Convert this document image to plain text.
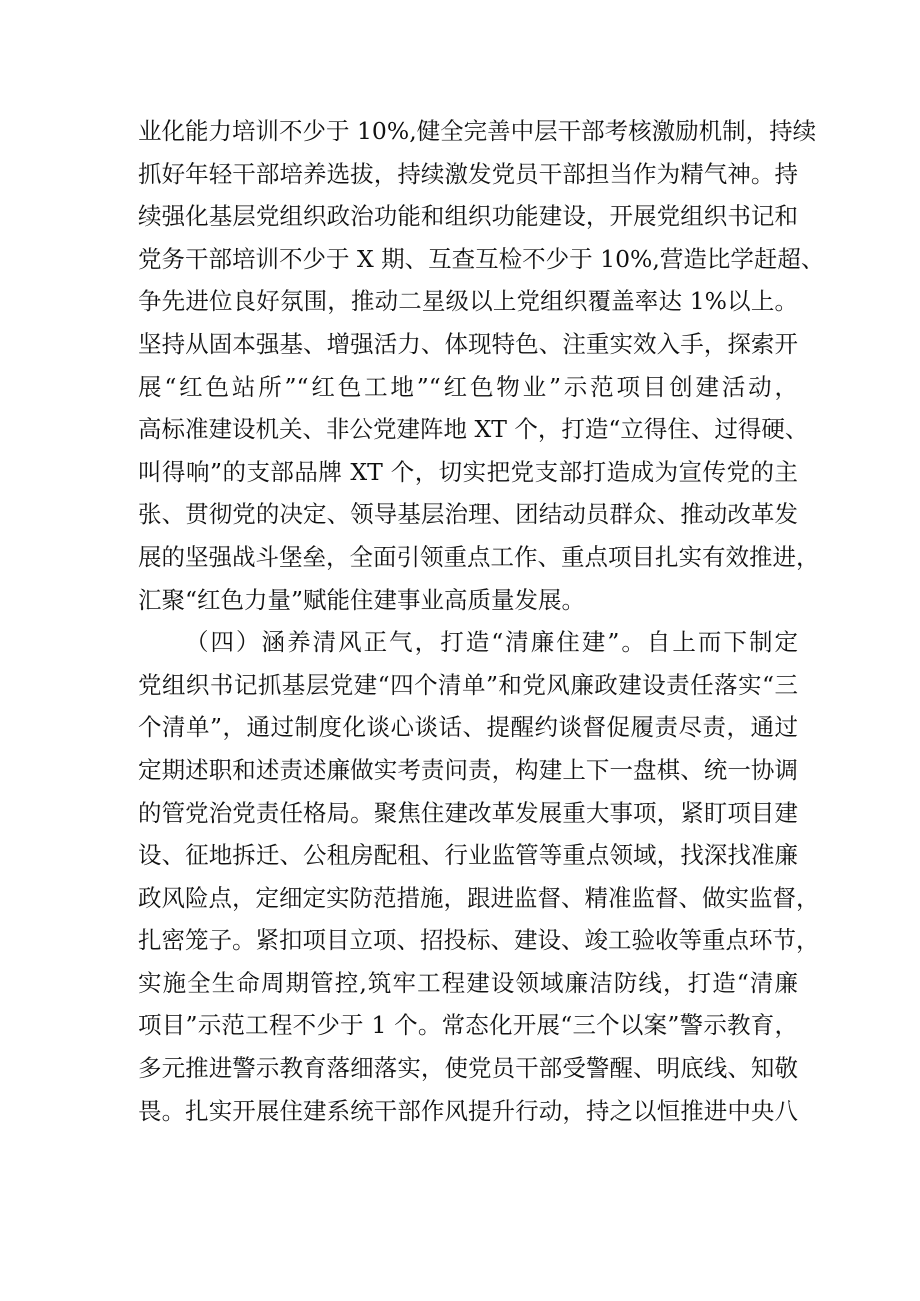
业化能力培训不少于 10%,健全完善中层干部考核激励机制，持续
抓好年轻干部培养选拔，持续激发党员干部担当作为精气神。持
续强化基层党组织政治功能和组织功能建设，开展党组织书记和
党务干部培训不少于 X 期、互查互检不少于 10%,营造比学赶超、
争先进位良好氛围，推动二星级以上党组织覆盖率达 1%以上。
坚持从固本强基、增强活力、体现特色、注重实效入手，探索开
展“红色站所”“红色工地”“红色物业”示范项目创建活动，
高标准建设机关、非公党建阵地 XT 个，打造“立得住、过得硬、
叫得响”的支部品牌 XT 个，切实把党支部打造成为宣传党的主
张、贯彻党的决定、领导基层治理、团结动员群众、推动改革发
展的坚强战斗堡垒，全面引领重点工作、重点项目扎实有效推进，
汇聚“红色力量”赋能住建事业高质量发展。
（四）涵养清风正气，打造“清廉住建”。自上而下制定
党组织书记抓基层党建“四个清单”和党风廉政建设责任落实“三
个清单”，通过制度化谈心谈话、提醒约谈督促履责尽责，通过
定期述职和述责述廉做实考责问责，构建上下一盘棋、统一协调
的管党治党责任格局。聚焦住建改革发展重大事项，紧盯项目建
设、征地拆迁、公租房配租、行业监管等重点领域，找深找准廉
政风险点，定细定实防范措施，跟进监督、精准监督、做实监督，
扎密笼子。紧扣项目立项、招投标、建设、竣工验收等重点环节，
实施全生命周期管控,筑牢工程建设领域廉洁防线，打造“清廉
项目”示范工程不少于 1 个。常态化开展“三个以案”警示教育，
多元推进警示教育落细落实，使党员干部受警醒、明底线、知敬
畏。扎实开展住建系统干部作风提升行动，持之以恒推进中央八
